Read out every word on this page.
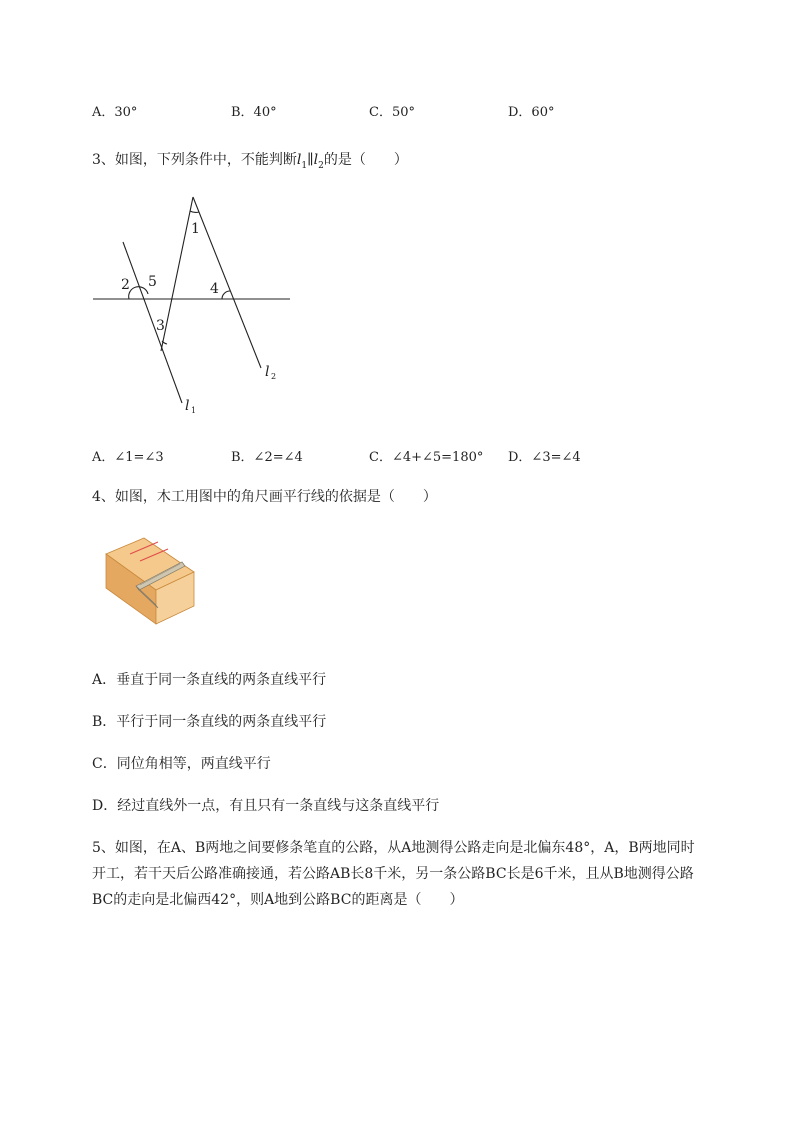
A．30°	B．40°	C．50°	D．60°
3、如图，下列条件中，不能判断$l_1\parallel l_2$的是（　　）
2 5
1
3
4
l 1
l 2
A．∠1=∠3	B．∠2=∠4	C．∠4+∠5=180° D．∠3=∠4
4、如图，木工用图中的角尺画平行线的依据是（　　）
A．垂直于同一条直线的两条直线平行
B．平行于同一条直线的两条直线平行
C．同位角相等，两直线平行
D．经过直线外一点，有且只有一条直线与这条直线平行
5、如图，在A、B两地之间要修条笔直的公路，从A地测得公路走向是北偏东48°，A，B两地同时
开工，若干天后公路准确接通，若公路AB长8千米，另一条公路BC长是6千米，且从B地测得公路
BC的走向是北偏西42°，则A地到公路BC的距离是（　　）
